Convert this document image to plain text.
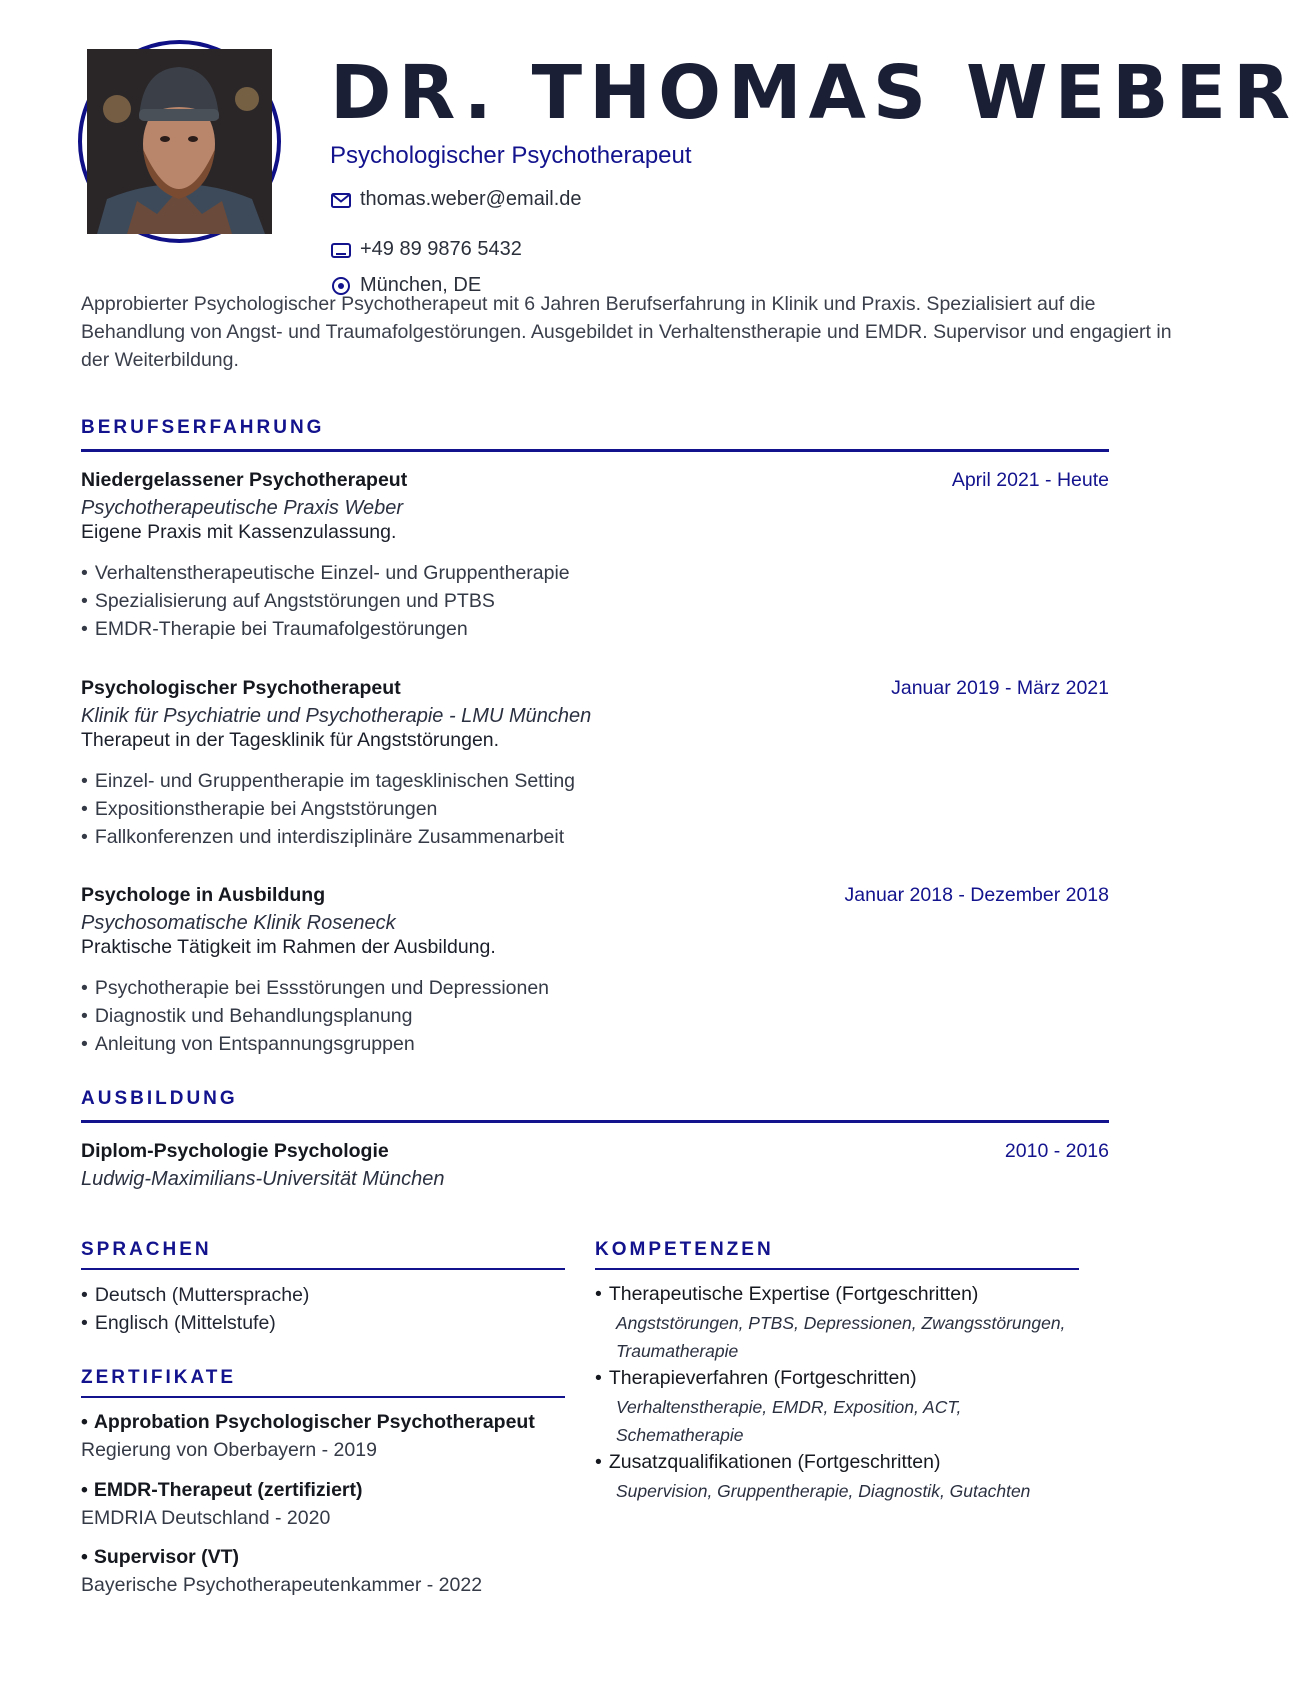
DR. THOMAS WEBER
Psychologischer Psychotherapeut
thomas.weber@email.de
+49 89 9876 5432
München, DE
Approbierter Psychologischer Psychotherapeut mit 6 Jahren Berufserfahrung in Klinik und Praxis. Spezialisiert auf die Behandlung von Angst- und Traumafolgestörungen. Ausgebildet in Verhaltenstherapie und EMDR. Supervisor und engagiert in der Weiterbildung.
BERUFSERFAHRUNG
Niedergelassener Psychotherapeut	April 2021 - Heute
Psychotherapeutische Praxis Weber
Eigene Praxis mit Kassenzulassung.
• Verhaltenstherapeutische Einzel- und Gruppentherapie
• Spezialisierung auf Angststörungen und PTBS
• EMDR-Therapie bei Traumafolgestörungen
Psychologischer Psychotherapeut	Januar 2019 - März 2021
Klinik für Psychiatrie und Psychotherapie - LMU München
Therapeut in der Tagesklinik für Angststörungen.
• Einzel- und Gruppentherapie im tagesklinischen Setting
• Expositionstherapie bei Angststörungen
• Fallkonferenzen und interdisziplinäre Zusammenarbeit
Psychologe in Ausbildung	Januar 2018 - Dezember 2018
Psychosomatische Klinik Roseneck
Praktische Tätigkeit im Rahmen der Ausbildung.
• Psychotherapie bei Essstörungen und Depressionen
• Diagnostik und Behandlungsplanung
• Anleitung von Entspannungsgruppen
AUSBILDUNG
Diplom-Psychologie Psychologie	2010 - 2016
Ludwig-Maximilians-Universität München
SPRACHEN
• Deutsch (Muttersprache)
• Englisch (Mittelstufe)
ZERTIFIKATE
• Approbation Psychologischer Psychotherapeut
Regierung von Oberbayern - 2019
• EMDR-Therapeut (zertifiziert)
EMDRIA Deutschland - 2020
• Supervisor (VT)
Bayerische Psychotherapeutenkammer - 2022
KOMPETENZEN
• Therapeutische Expertise (Fortgeschritten)
Angststörungen, PTBS, Depressionen, Zwangsstörungen, Traumatherapie
• Therapieverfahren (Fortgeschritten)
Verhaltenstherapie, EMDR, Exposition, ACT, Schematherapie
• Zusatzqualifikationen (Fortgeschritten)
Supervision, Gruppentherapie, Diagnostik, Gutachten
